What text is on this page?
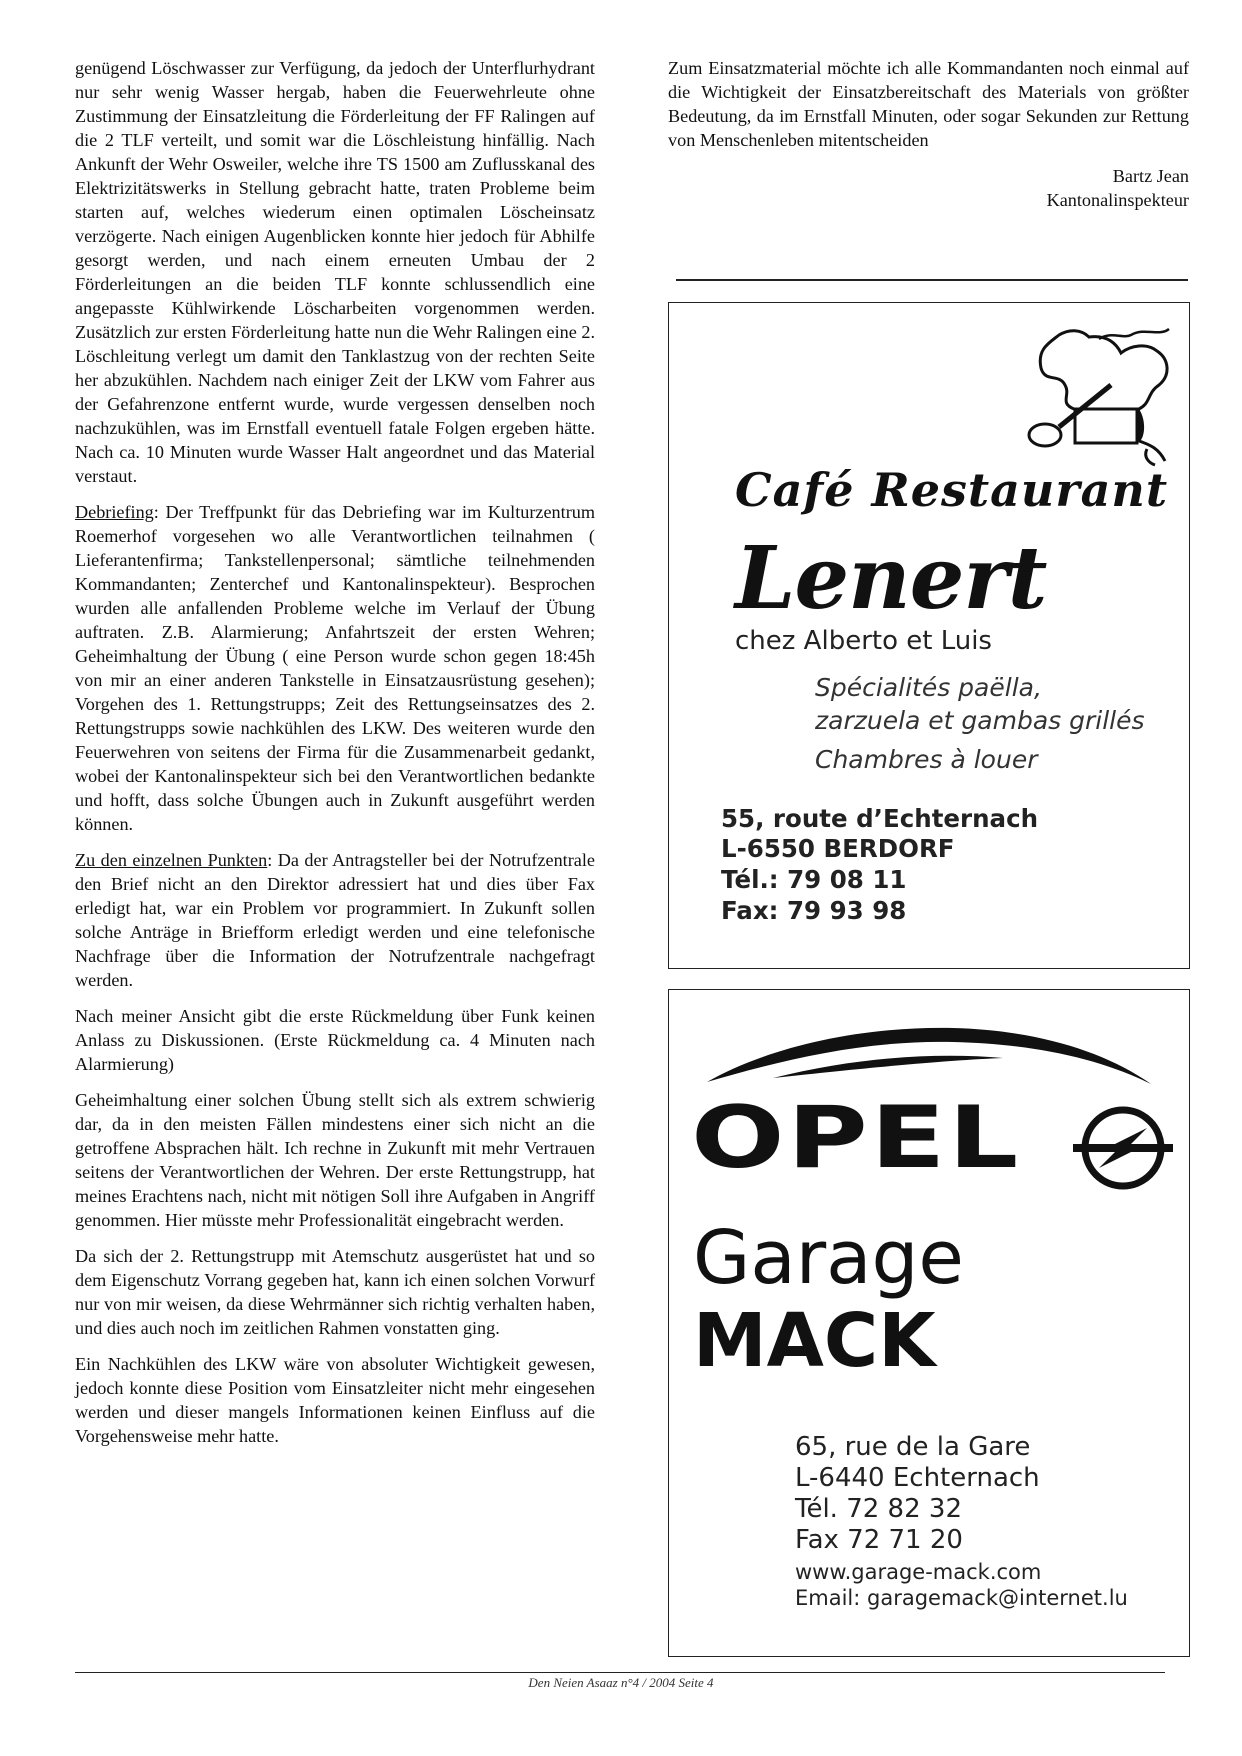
genügend Löschwasser zur Verfügung, da jedoch der Unterflurhydrant nur sehr wenig Wasser hergab, haben die Feuerwehrleute ohne Zustimmung der Einsatzleitung die Förderleitung der FF Ralingen auf die 2 TLF verteilt, und somit war die Löschleistung hinfällig. Nach Ankunft der Wehr Osweiler, welche ihre TS 1500 am Zuflusskanal des Elektrizitätswerks in Stellung gebracht hatte, traten Probleme beim starten auf, welches wiederum einen optimalen Löscheinsatz verzögerte. Nach einigen Augenblicken konnte hier jedoch für Abhilfe gesorgt werden, und nach einem erneuten Umbau der 2 Förderleitungen an die beiden TLF konnte schlussendlich eine angepasste Kühlwirkende Löscharbeiten vorgenommen werden. Zusätzlich zur ersten Förderleitung hatte nun die Wehr Ralingen eine 2. Löschleitung verlegt um damit den Tanklastzug von der rechten Seite her abzukühlen. Nachdem nach einiger Zeit der LKW vom Fahrer aus der Gefahrenzone entfernt wurde, wurde vergessen denselben noch nachzukühlen, was im Ernstfall eventuell fatale Folgen ergeben hätte. Nach ca. 10 Minuten wurde Wasser Halt angeordnet und das Material verstaut.

Debriefing: Der Treffpunkt für das Debriefing war im Kulturzentrum Roemerhof vorgesehen wo alle Verantwortlichen teilnahmen ( Lieferantenfirma; Tankstellenpersonal; sämtliche teilnehmenden Kommandanten; Zenterchef und Kantonalinspekteur). Besprochen wurden alle anfallenden Probleme welche im Verlauf der Übung auftraten. Z.B. Alarmierung; Anfahrtszeit der ersten Wehren; Geheimhaltung der Übung ( eine Person wurde schon gegen 18:45h von mir an einer anderen Tankstelle in Einsatzausrüstung gesehen); Vorgehen des 1. Rettungstrupps; Zeit des Rettungseinsatzes des 2. Rettungstrupps sowie nachkühlen des LKW. Des weiteren wurde den Feuerwehren von seitens der Firma für die Zusammenarbeit gedankt, wobei der Kantonalinspekteur sich bei den Verantwortlichen bedankte und hofft, dass solche Übungen auch in Zukunft ausgeführt werden können.

Zu den einzelnen Punkten: Da der Antragsteller bei der Notrufzentrale den Brief nicht an den Direktor adressiert hat und dies über Fax erledigt hat, war ein Problem vor programmiert. In Zukunft sollen solche Anträge in Briefform erledigt werden und eine telefonische Nachfrage über die Information der Notrufzentrale nachgefragt werden.

Nach meiner Ansicht gibt die erste Rückmeldung über Funk keinen Anlass zu Diskussionen. (Erste Rückmeldung ca. 4 Minuten nach Alarmierung)

Geheimhaltung einer solchen Übung stellt sich als extrem schwierig dar, da in den meisten Fällen mindestens einer sich nicht an die getroffene Absprachen hält. Ich rechne in Zukunft mit mehr Vertrauen seitens der Verantwortlichen der Wehren. Der erste Rettungstrupp, hat meines Erachtens nach, nicht mit nötigen Soll ihre Aufgaben in Angriff genommen. Hier müsste mehr Professionalität eingebracht werden.

Da sich der 2. Rettungstrupp mit Atemschutz ausgerüstet hat und so dem Eigenschutz Vorrang gegeben hat, kann ich einen solchen Vorwurf nur von mir weisen, da diese Wehrmänner sich richtig verhalten haben, und dies auch noch im zeitlichen Rahmen vonstatten ging.

Ein Nachkühlen des LKW wäre von absoluter Wichtigkeit gewesen, jedoch konnte diese Position vom Einsatzleiter nicht mehr eingesehen werden und dieser mangels Informationen keinen Einfluss auf die Vorgehensweise mehr hatte.

Zum Einsatzmaterial möchte ich alle Kommandanten noch einmal auf die Wichtigkeit der Einsatzbereitschaft des Materials von größter Bedeutung, da im Ernstfall Minuten, oder sogar Sekunden zur Rettung von Menschenleben mitentscheiden

Bartz Jean
Kantonalinspekteur
Café Restaurant
Lenert
chez Alberto et Luis
Spécialités paëlla,
zarzuela et gambas grillés
Chambres à louer
55, route d’Echternach
L-6550 BERDORF
Tél.: 79 08 11
Fax: 79 93 98
OPEL
Garage
MACK
65, rue de la Gare
L-6440 Echternach
Tél. 72 82 32
Fax 72 71 20
www.garage-mack.com
Email: garagemack@internet.lu
Den Neien Asaaz n°4 / 2004 Seite 4
